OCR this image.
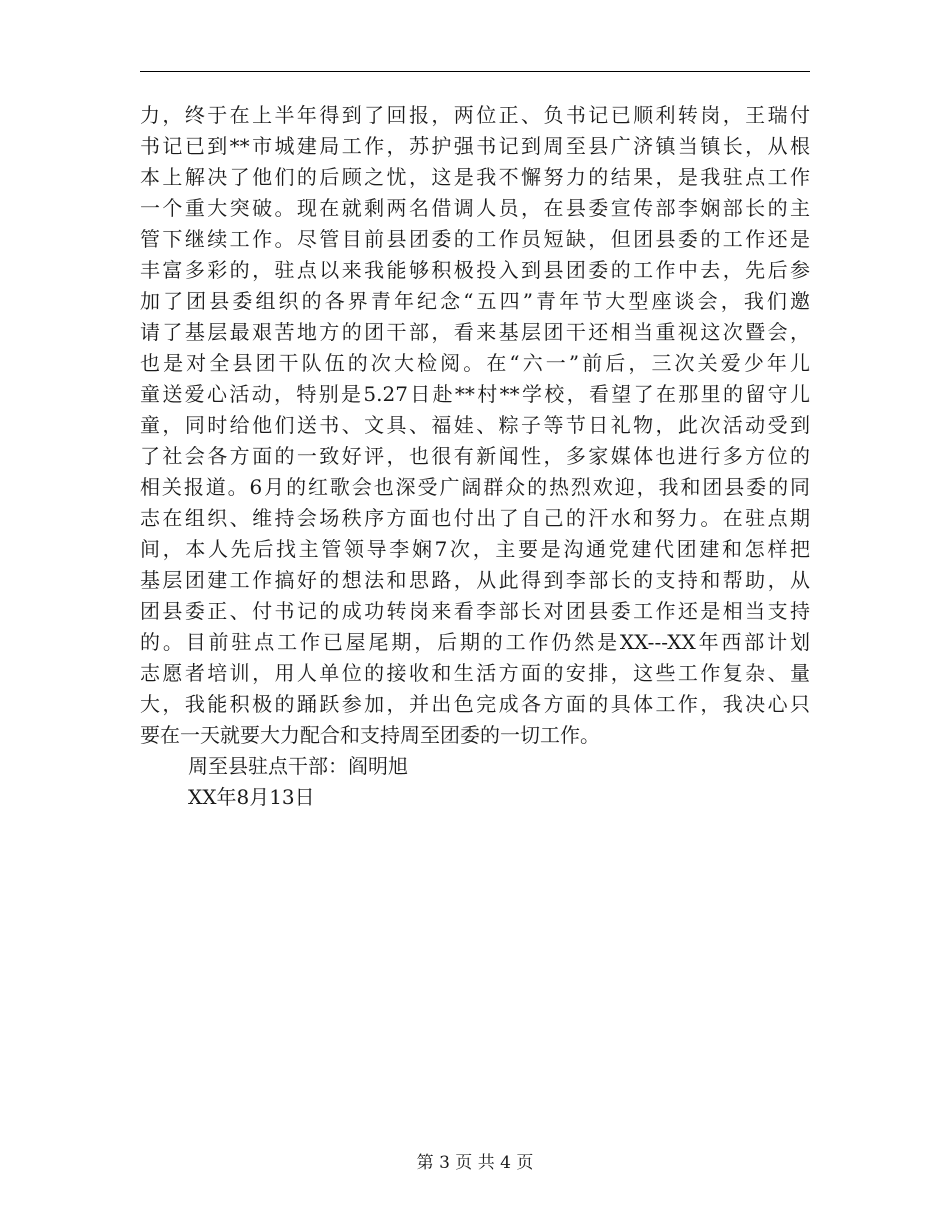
力，终于在上半年得到了回报，两位正、负书记已顺利转岗，王瑞付
书记已到**市城建局工作，苏护强书记到周至县广济镇当镇长，从根
本上解决了他们的后顾之忧，这是我不懈努力的结果，是我驻点工作
一个重大突破。现在就剩两名借调人员，在县委宣传部李娴部长的主
管下继续工作。尽管目前县团委的工作员短缺，但团县委的工作还是
丰富多彩的，驻点以来我能够积极投入到县团委的工作中去，先后参
加了团县委组织的各界青年纪念“五四”青年节大型座谈会，我们邀
请了基层最艰苦地方的团干部，看来基层团干还相当重视这次暨会，
也是对全县团干队伍的次大检阅。在“六一”前后，三次关爱少年儿
童送爱心活动，特别是5.27日赴**村**学校，看望了在那里的留守儿
童，同时给他们送书、文具、福娃、粽子等节日礼物，此次活动受到
了社会各方面的一致好评，也很有新闻性，多家媒体也进行多方位的
相关报道。6月的红歌会也深受广阔群众的热烈欢迎，我和团县委的同
志在组织、维持会场秩序方面也付出了自己的汗水和努力。在驻点期
间，本人先后找主管领导李娴7次，主要是沟通党建代团建和怎样把
基层团建工作搞好的想法和思路，从此得到李部长的支持和帮助，从
团县委正、付书记的成功转岗来看李部长对团县委工作还是相当支持
的。目前驻点工作已屋尾期，后期的工作仍然是XX---XX年西部计划
志愿者培训，用人单位的接收和生活方面的安排，这些工作复杂、量
大，我能积极的踊跃参加，并出色完成各方面的具体工作，我决心只
要在一天就要大力配合和支持周至团委的一切工作。
周至县驻点干部：阎明旭
XX年8月13日
第 3 页 共 4 页
